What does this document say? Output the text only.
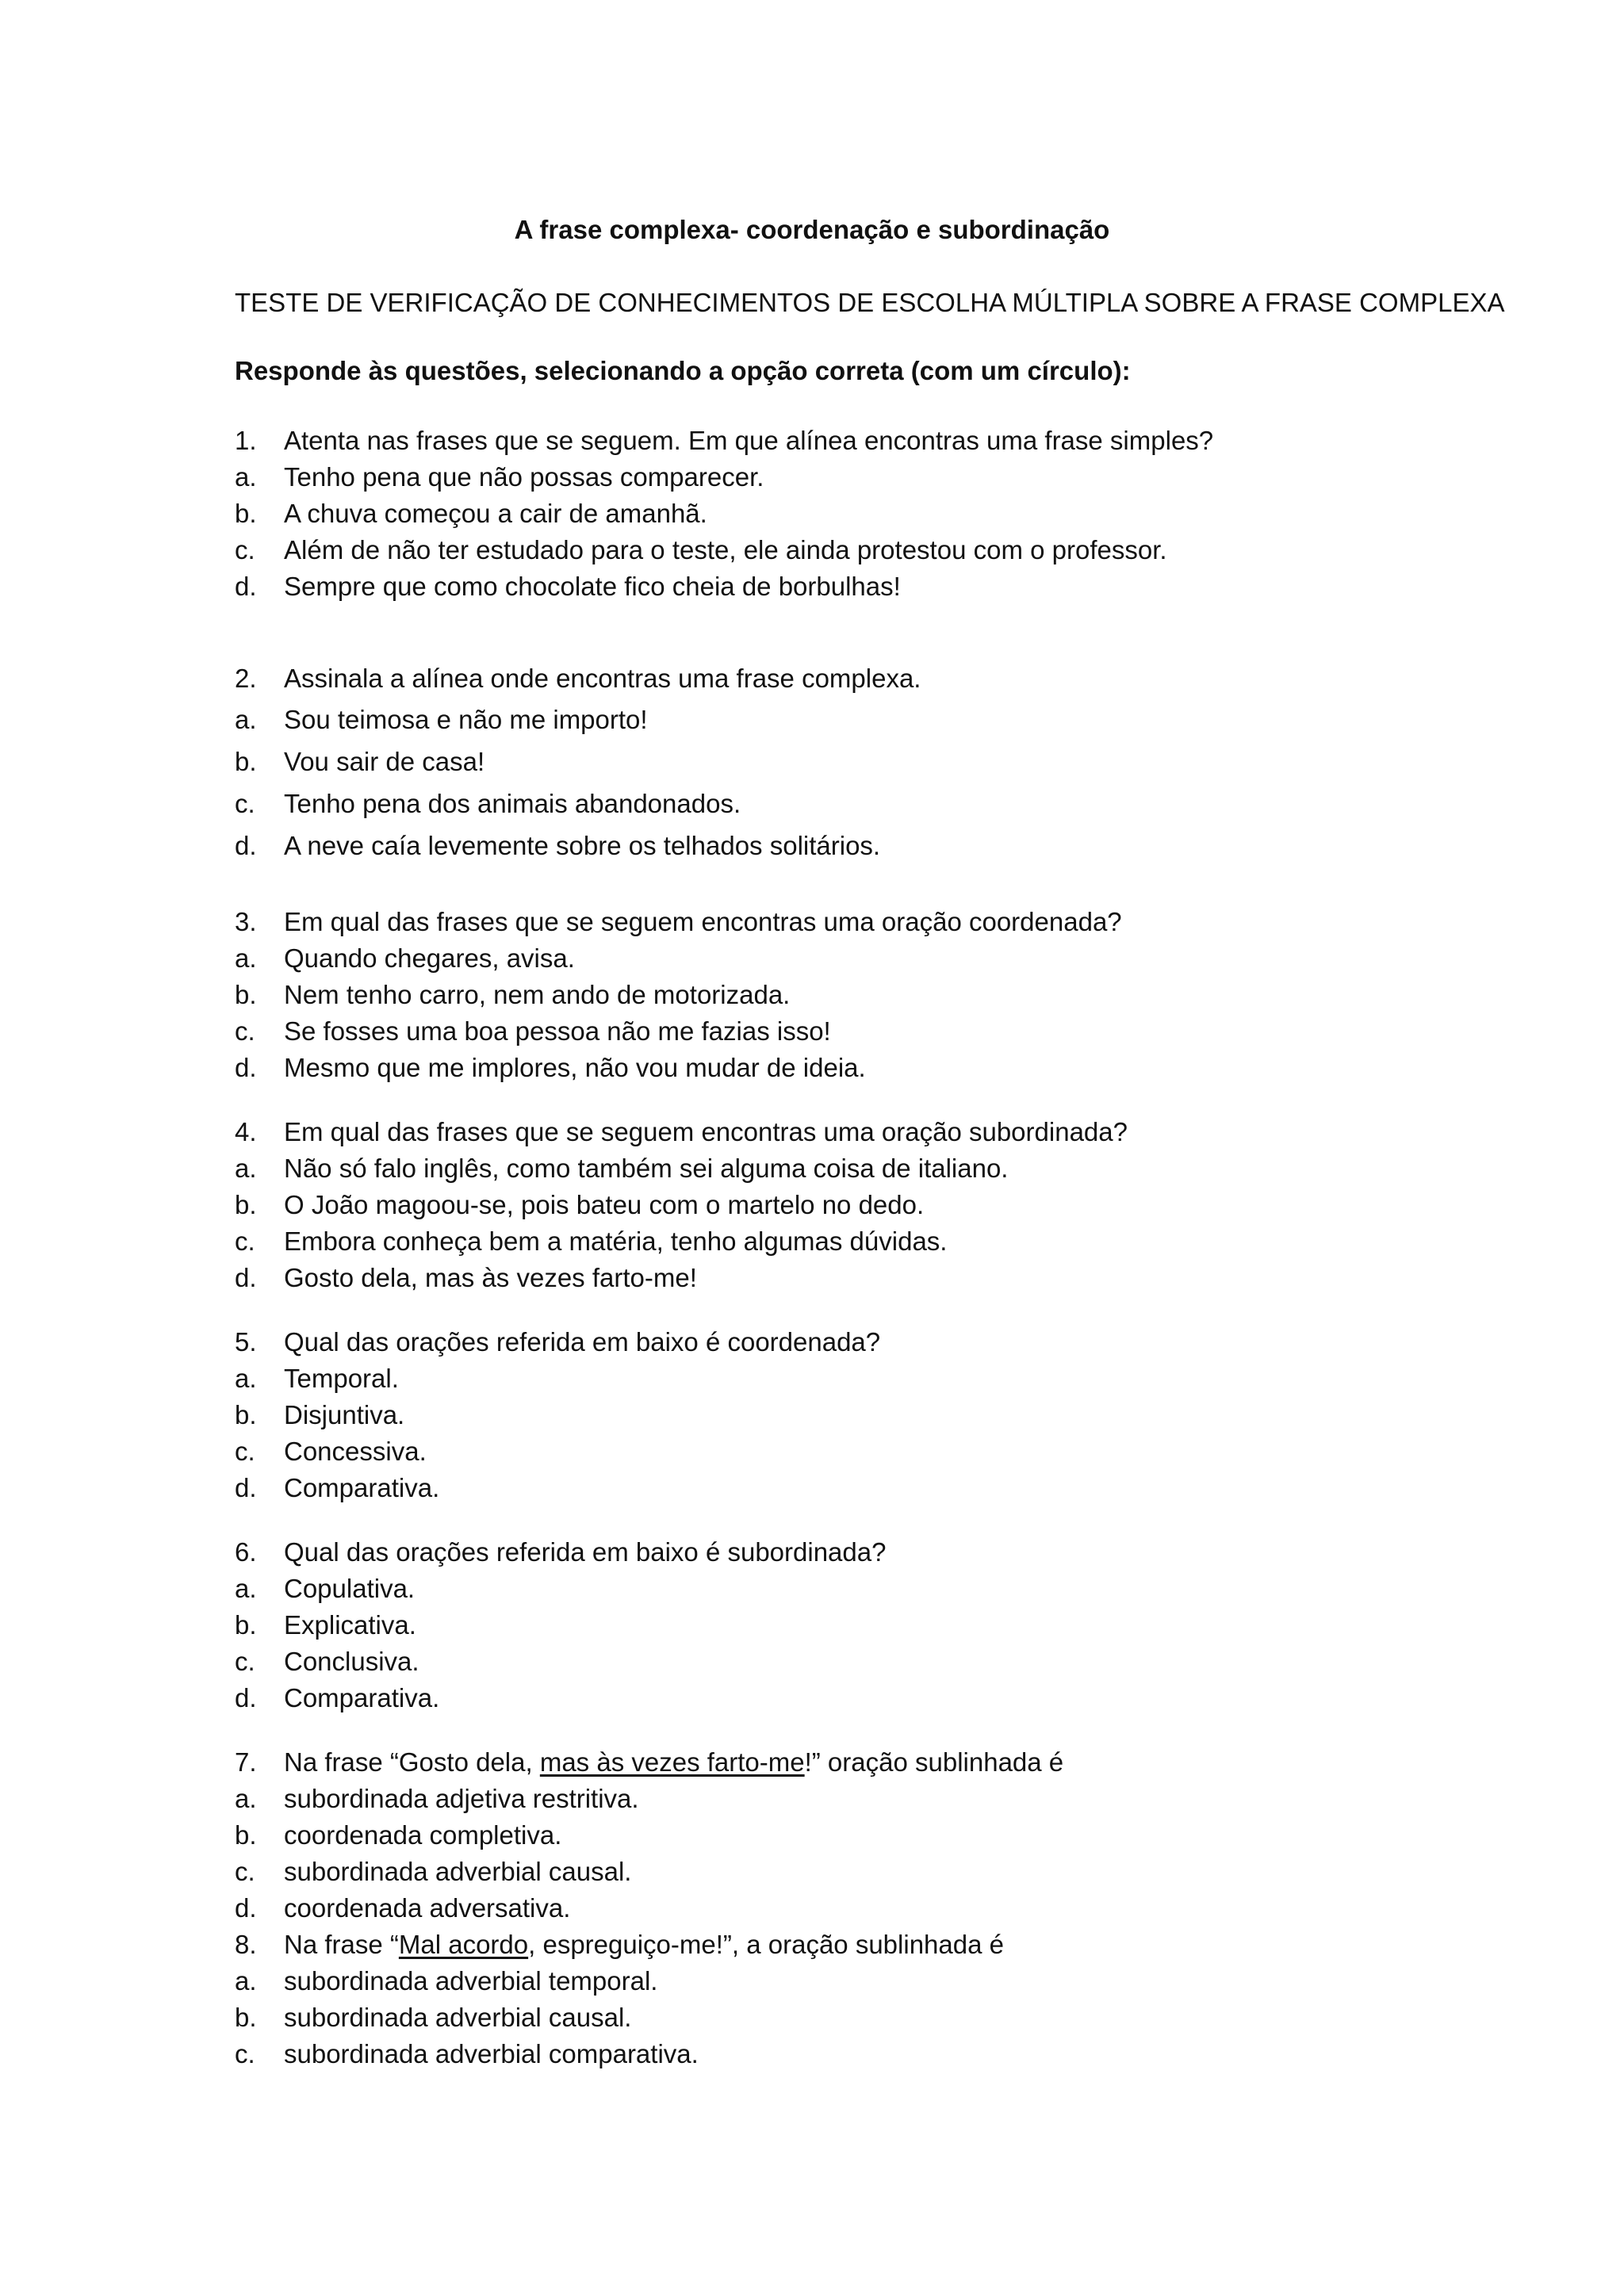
A frase complexa- coordenação e subordinação
TESTE DE VERIFICAÇÃO DE CONHECIMENTOS DE ESCOLHA MÚLTIPLA SOBRE A FRASE COMPLEXA
Responde às questões, selecionando a opção correta (com um círculo):
1. Atenta nas frases que se seguem. Em que alínea encontras uma frase simples?
a. Tenho pena que não possas comparecer.
b. A chuva começou a cair de amanhã.
c. Além de não ter estudado para o teste, ele ainda protestou com o professor.
d. Sempre que como chocolate fico cheia de borbulhas!
2. Assinala a alínea onde encontras uma frase complexa.
a. Sou teimosa e não me importo!
b. Vou sair de casa!
c. Tenho pena dos animais abandonados.
d. A neve caía levemente sobre os telhados solitários.
3. Em qual das frases que se seguem encontras uma oração coordenada?
a. Quando chegares, avisa.
b. Nem tenho carro, nem ando de motorizada.
c. Se fosses uma boa pessoa não me fazias isso!
d. Mesmo que me implores, não vou mudar de ideia.
4. Em qual das frases que se seguem encontras uma oração subordinada?
a. Não só falo inglês, como também sei alguma coisa de italiano.
b. O João magoou-se, pois bateu com o martelo no dedo.
c. Embora conheça bem a matéria, tenho algumas dúvidas.
d. Gosto dela, mas às vezes farto-me!
5. Qual das orações referida em baixo é coordenada?
a. Temporal.
b. Disjuntiva.
c. Concessiva.
d. Comparativa.
6. Qual das orações referida em baixo é subordinada?
a. Copulativa.
b. Explicativa.
c. Conclusiva.
d. Comparativa.
7. Na frase “Gosto dela, mas às vezes farto-me!” oração sublinhada é
a. subordinada adjetiva restritiva.
b. coordenada completiva.
c. subordinada adverbial causal.
d. coordenada adversativa.
8. Na frase “Mal acordo, espreguiço-me!”, a oração sublinhada é
a. subordinada adverbial temporal.
b. subordinada adverbial causal.
c. subordinada adverbial comparativa.
